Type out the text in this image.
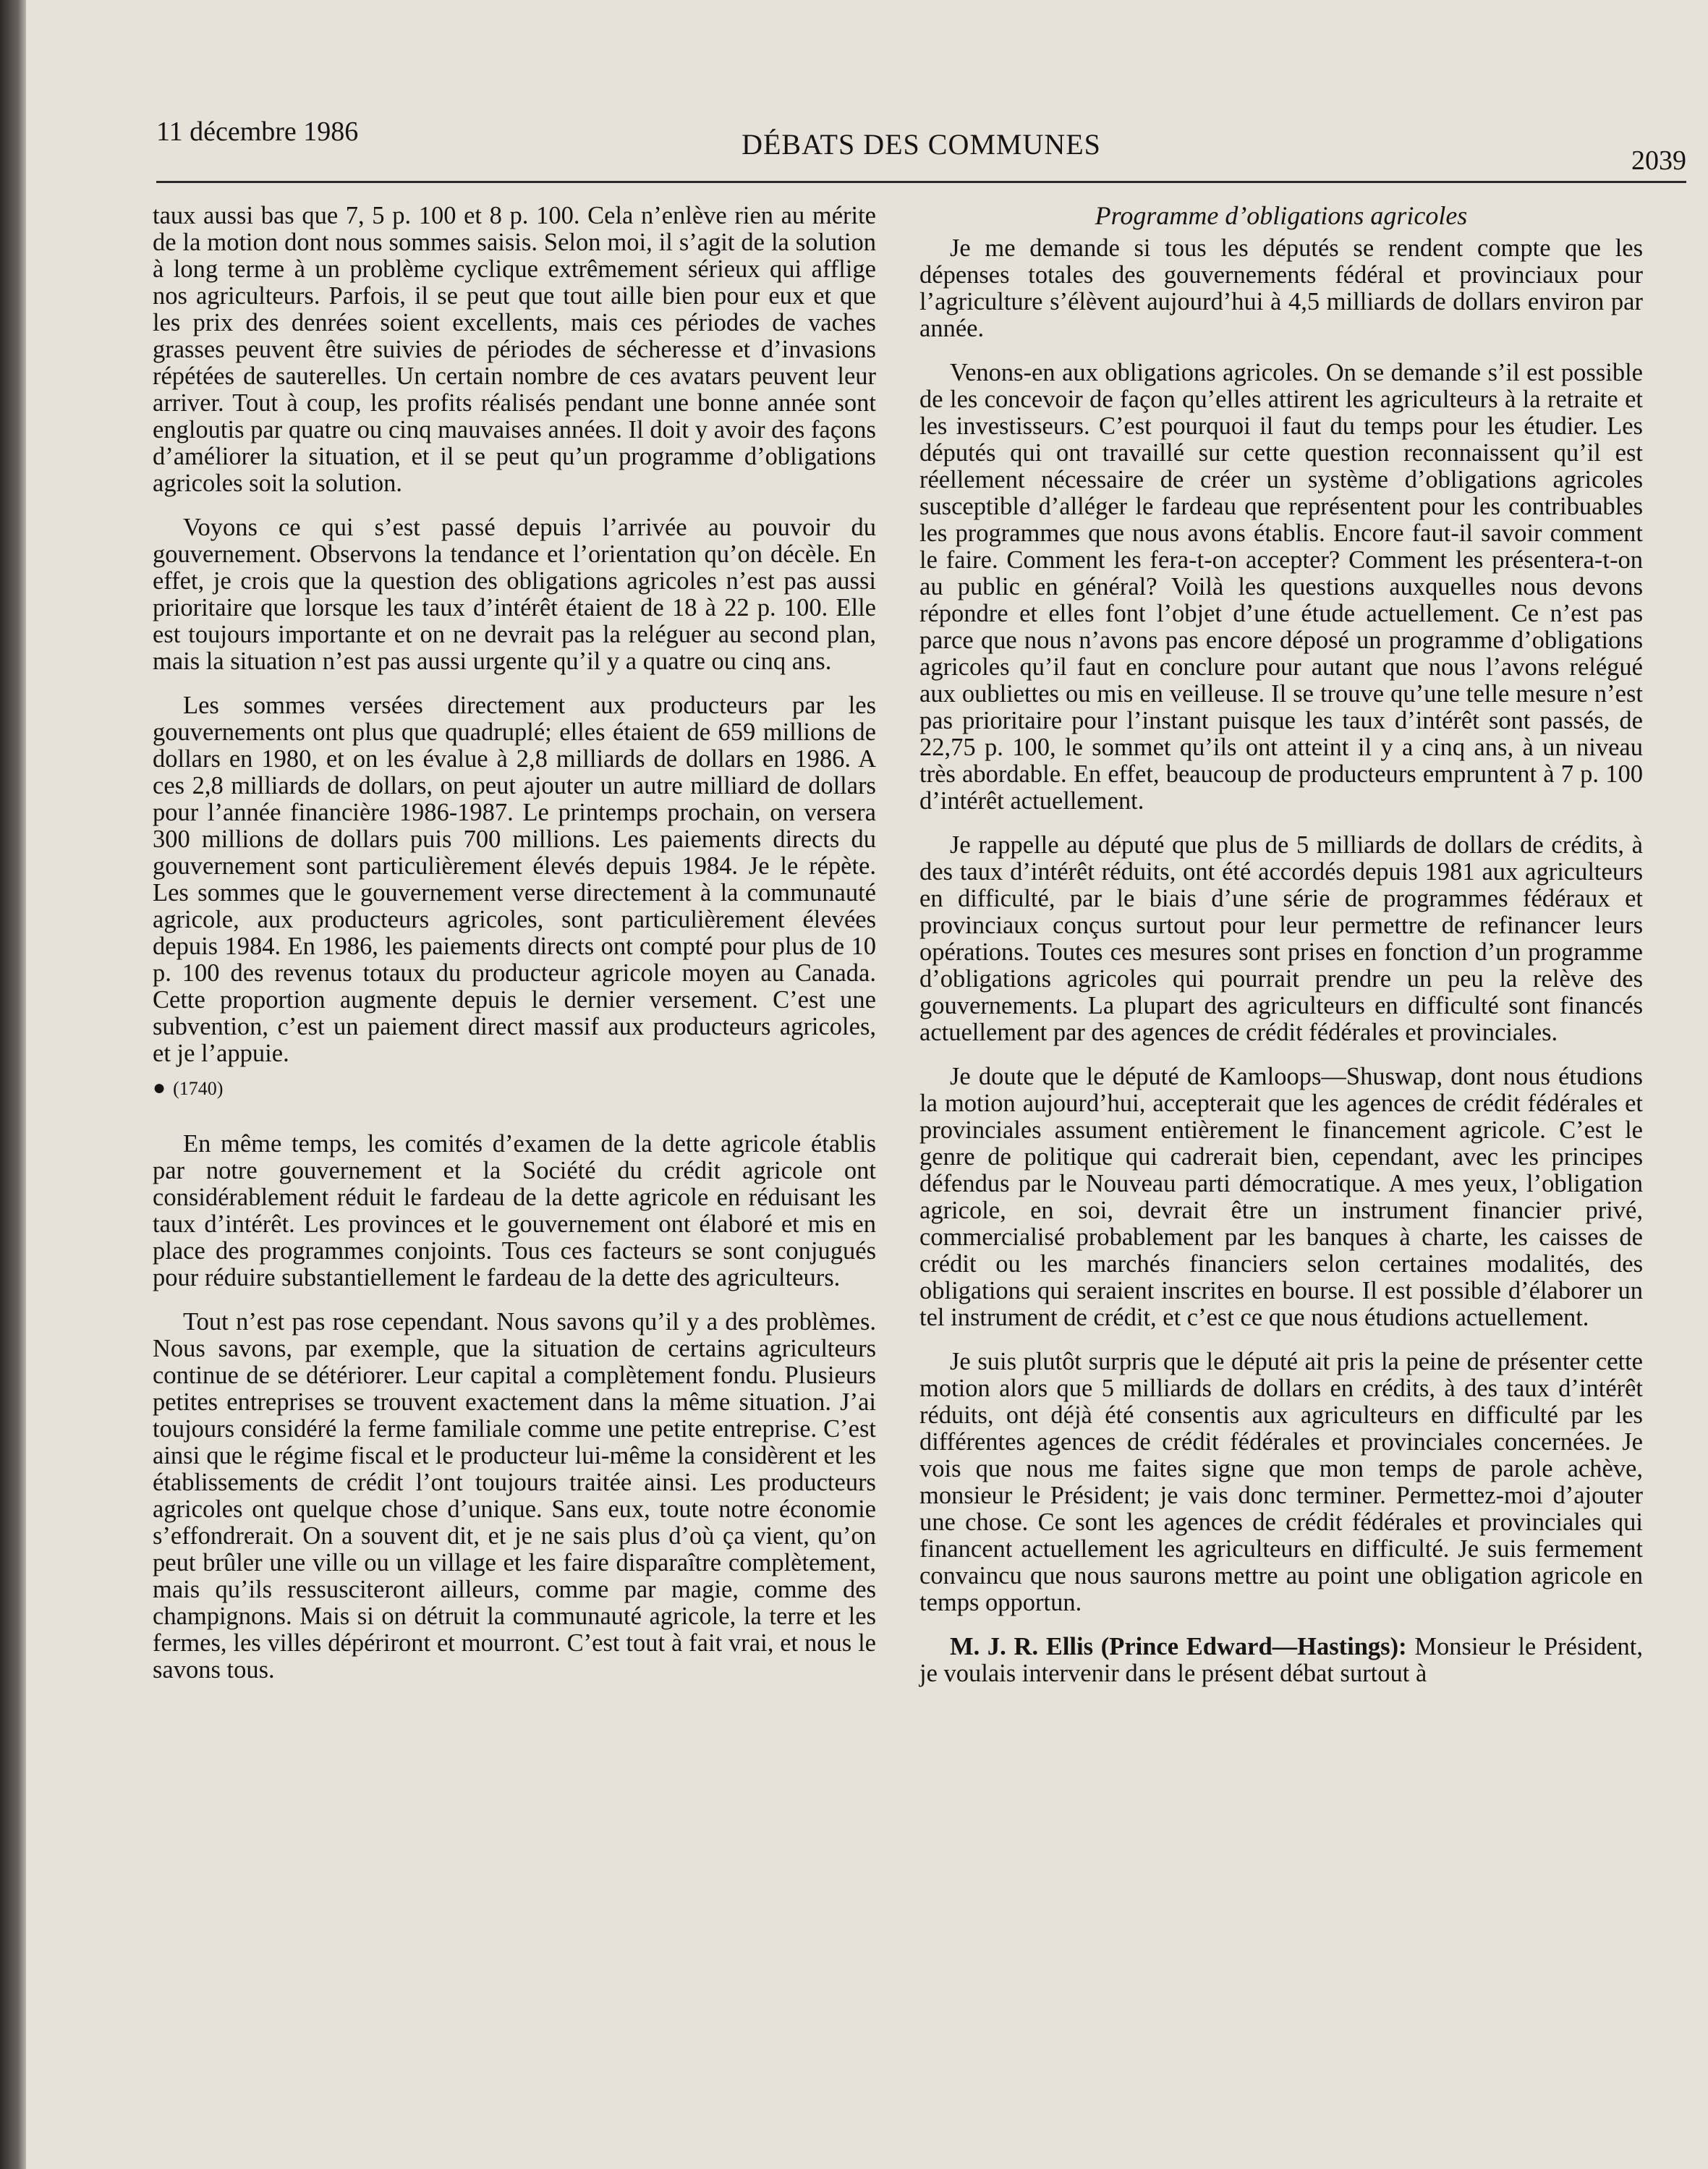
11 décembre 1986	DÉBATS DES COMMUNES	2039

taux aussi bas que 7, 5 p. 100 et 8 p. 100. Cela n’enlève rien au mérite de la motion dont nous sommes saisis. Selon moi, il s’agit de la solution à long terme à un problème cyclique extrêmement sérieux qui afflige nos agriculteurs. Parfois, il se peut que tout aille bien pour eux et que les prix des denrées soient excellents, mais ces périodes de vaches grasses peuvent être suivies de périodes de sécheresse et d’invasions répétées de sauterelles. Un certain nombre de ces avatars peuvent leur arriver. Tout à coup, les profits réalisés pendant une bonne année sont engloutis par quatre ou cinq mauvaises années. Il doit y avoir des façons d’améliorer la situation, et il se peut qu’un programme d’obligations agricoles soit la solution.

Voyons ce qui s’est passé depuis l’arrivée au pouvoir du gouvernement. Observons la tendance et l’orientation qu’on décèle. En effet, je crois que la question des obligations agricoles n’est pas aussi prioritaire que lorsque les taux d’intérêt étaient de 18 à 22 p. 100. Elle est toujours importante et on ne devrait pas la reléguer au second plan, mais la situation n’est pas aussi urgente qu’il y a quatre ou cinq ans.

Les sommes versées directement aux producteurs par les gouvernements ont plus que quadruplé; elles étaient de 659 millions de dollars en 1980, et on les évalue à 2,8 milliards de dollars en 1986. A ces 2,8 milliards de dollars, on peut ajouter un autre milliard de dollars pour l’année financière 1986-1987. Le printemps prochain, on versera 300 millions de dollars puis 700 millions. Les paiements directs du gouvernement sont particulièrement élevés depuis 1984. Je le répète. Les sommes que le gouvernement verse directement à la communauté agricole, aux producteurs agricoles, sont particulièrement élevées depuis 1984. En 1986, les paiements directs ont compté pour plus de 10 p. 100 des revenus totaux du producteur agricole moyen au Canada. Cette proportion augmente depuis le dernier versement. C’est une subvention, c’est un paiement direct massif aux producteurs agricoles, et je l’appuie.

● (1740)

En même temps, les comités d’examen de la dette agricole établis par notre gouvernement et la Société du crédit agricole ont considérablement réduit le fardeau de la dette agricole en réduisant les taux d’intérêt. Les provinces et le gouvernement ont élaboré et mis en place des programmes conjoints. Tous ces facteurs se sont conjugués pour réduire substantiellement le fardeau de la dette des agriculteurs.

Tout n’est pas rose cependant. Nous savons qu’il y a des problèmes. Nous savons, par exemple, que la situation de certains agriculteurs continue de se détériorer. Leur capital a complètement fondu. Plusieurs petites entreprises se trouvent exactement dans la même situation. J’ai toujours considéré la ferme familiale comme une petite entreprise. C’est ainsi que le régime fiscal et le producteur lui-même la considèrent et les établissements de crédit l’ont toujours traitée ainsi. Les producteurs agricoles ont quelque chose d’unique. Sans eux, toute notre économie s’effondrerait. On a souvent dit, et je ne sais plus d’où ça vient, qu’on peut brûler une ville ou un village et les faire disparaître complètement, mais qu’ils ressusciteront ailleurs, comme par magie, comme des champignons. Mais si on détruit la communauté agricole, la terre et les fermes, les villes dépériront et mourront. C’est tout à fait vrai, et nous le savons tous.

Programme d’obligations agricoles

Je me demande si tous les députés se rendent compte que les dépenses totales des gouvernements fédéral et provinciaux pour l’agriculture s’élèvent aujourd’hui à 4,5 milliards de dollars environ par année.

Venons-en aux obligations agricoles. On se demande s’il est possible de les concevoir de façon qu’elles attirent les agriculteurs à la retraite et les investisseurs. C’est pourquoi il faut du temps pour les étudier. Les députés qui ont travaillé sur cette question reconnaissent qu’il est réellement nécessaire de créer un système d’obligations agricoles susceptible d’alléger le fardeau que représentent pour les contribuables les programmes que nous avons établis. Encore faut-il savoir comment le faire. Comment les fera-t-on accepter? Comment les présentera-t-on au public en général? Voilà les questions auxquelles nous devons répondre et elles font l’objet d’une étude actuellement. Ce n’est pas parce que nous n’avons pas encore déposé un programme d’obligations agricoles qu’il faut en conclure pour autant que nous l’avons relégué aux oubliettes ou mis en veilleuse. Il se trouve qu’une telle mesure n’est pas prioritaire pour l’instant puisque les taux d’intérêt sont passés, de 22,75 p. 100, le sommet qu’ils ont atteint il y a cinq ans, à un niveau très abordable. En effet, beaucoup de producteurs empruntent à 7 p. 100 d’intérêt actuellement.

Je rappelle au député que plus de 5 milliards de dollars de crédits, à des taux d’intérêt réduits, ont été accordés depuis 1981 aux agriculteurs en difficulté, par le biais d’une série de programmes fédéraux et provinciaux conçus surtout pour leur permettre de refinancer leurs opérations. Toutes ces mesures sont prises en fonction d’un programme d’obligations agricoles qui pourrait prendre un peu la relève des gouvernements. La plupart des agriculteurs en difficulté sont financés actuellement par des agences de crédit fédérales et provinciales.

Je doute que le député de Kamloops—Shuswap, dont nous étudions la motion aujourd’hui, accepterait que les agences de crédit fédérales et provinciales assument entièrement le financement agricole. C’est le genre de politique qui cadrerait bien, cependant, avec les principes défendus par le Nouveau parti démocratique. A mes yeux, l’obligation agricole, en soi, devrait être un instrument financier privé, commercialisé probablement par les banques à charte, les caisses de crédit ou les marchés financiers selon certaines modalités, des obligations qui seraient inscrites en bourse. Il est possible d’élaborer un tel instrument de crédit, et c’est ce que nous étudions actuellement.

Je suis plutôt surpris que le député ait pris la peine de présenter cette motion alors que 5 milliards de dollars en crédits, à des taux d’intérêt réduits, ont déjà été consentis aux agriculteurs en difficulté par les différentes agences de crédit fédérales et provinciales concernées. Je vois que nous me faites signe que mon temps de parole achève, monsieur le Président; je vais donc terminer. Permettez-moi d’ajouter une chose. Ce sont les agences de crédit fédérales et provinciales qui financent actuellement les agriculteurs en difficulté. Je suis fermement convaincu que nous saurons mettre au point une obligation agricole en temps opportun.

M. J. R. Ellis (Prince Edward—Hastings): Monsieur le Président, je voulais intervenir dans le présent débat surtout à
